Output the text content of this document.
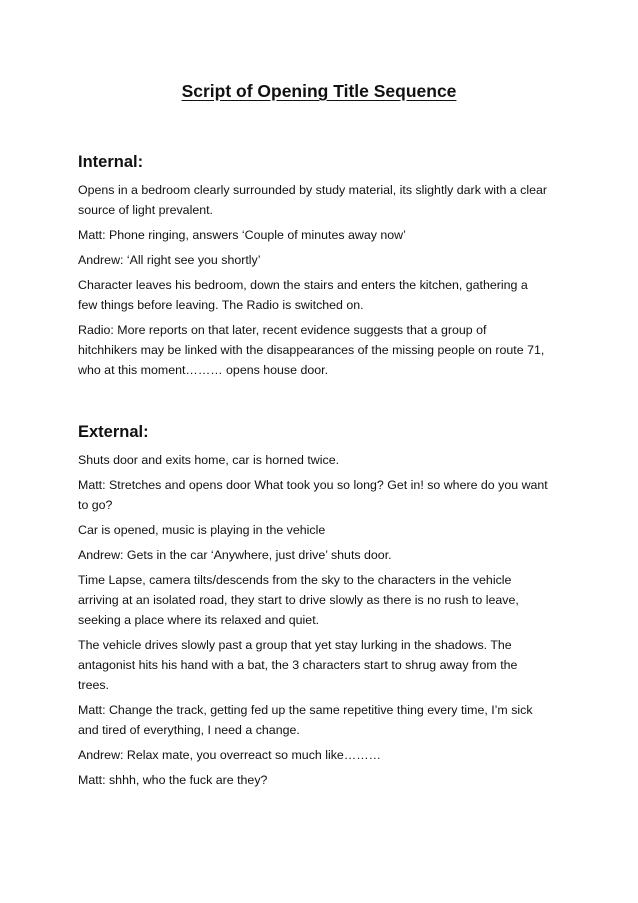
Script of Opening Title Sequence
Internal:

Opens in a bedroom clearly surrounded by study material, its slightly dark with a clear source of light prevalent.

Matt: Phone ringing, answers ‘Couple of minutes away now’

Andrew: ‘All right see you shortly’

Character leaves his bedroom, down the stairs and enters the kitchen, gathering a few things before leaving. The Radio is switched on.

Radio: More reports on that later, recent evidence suggests that a group of hitchhikers may be linked with the disappearances of the missing people on route 71, who at this moment……… opens house door.

External:

Shuts door and exits home, car is horned twice.

Matt: Stretches and opens door What took you so long? Get in! so where do you want to go?

Car is opened, music is playing in the vehicle

Andrew: Gets in the car ‘Anywhere, just drive’ shuts door.

Time Lapse, camera tilts/descends from the sky to the characters in the vehicle arriving at an isolated road, they start to drive slowly as there is no rush to leave, seeking a place where its relaxed and quiet.

The vehicle drives slowly past a group that yet stay lurking in the shadows. The antagonist hits his hand with a bat, the 3 characters start to shrug away from the trees.

Matt: Change the track, getting fed up the same repetitive thing every time, I’m sick and tired of everything, I need a change.

Andrew: Relax mate, you overreact so much like………

Matt: shhh, who the fuck are they?
